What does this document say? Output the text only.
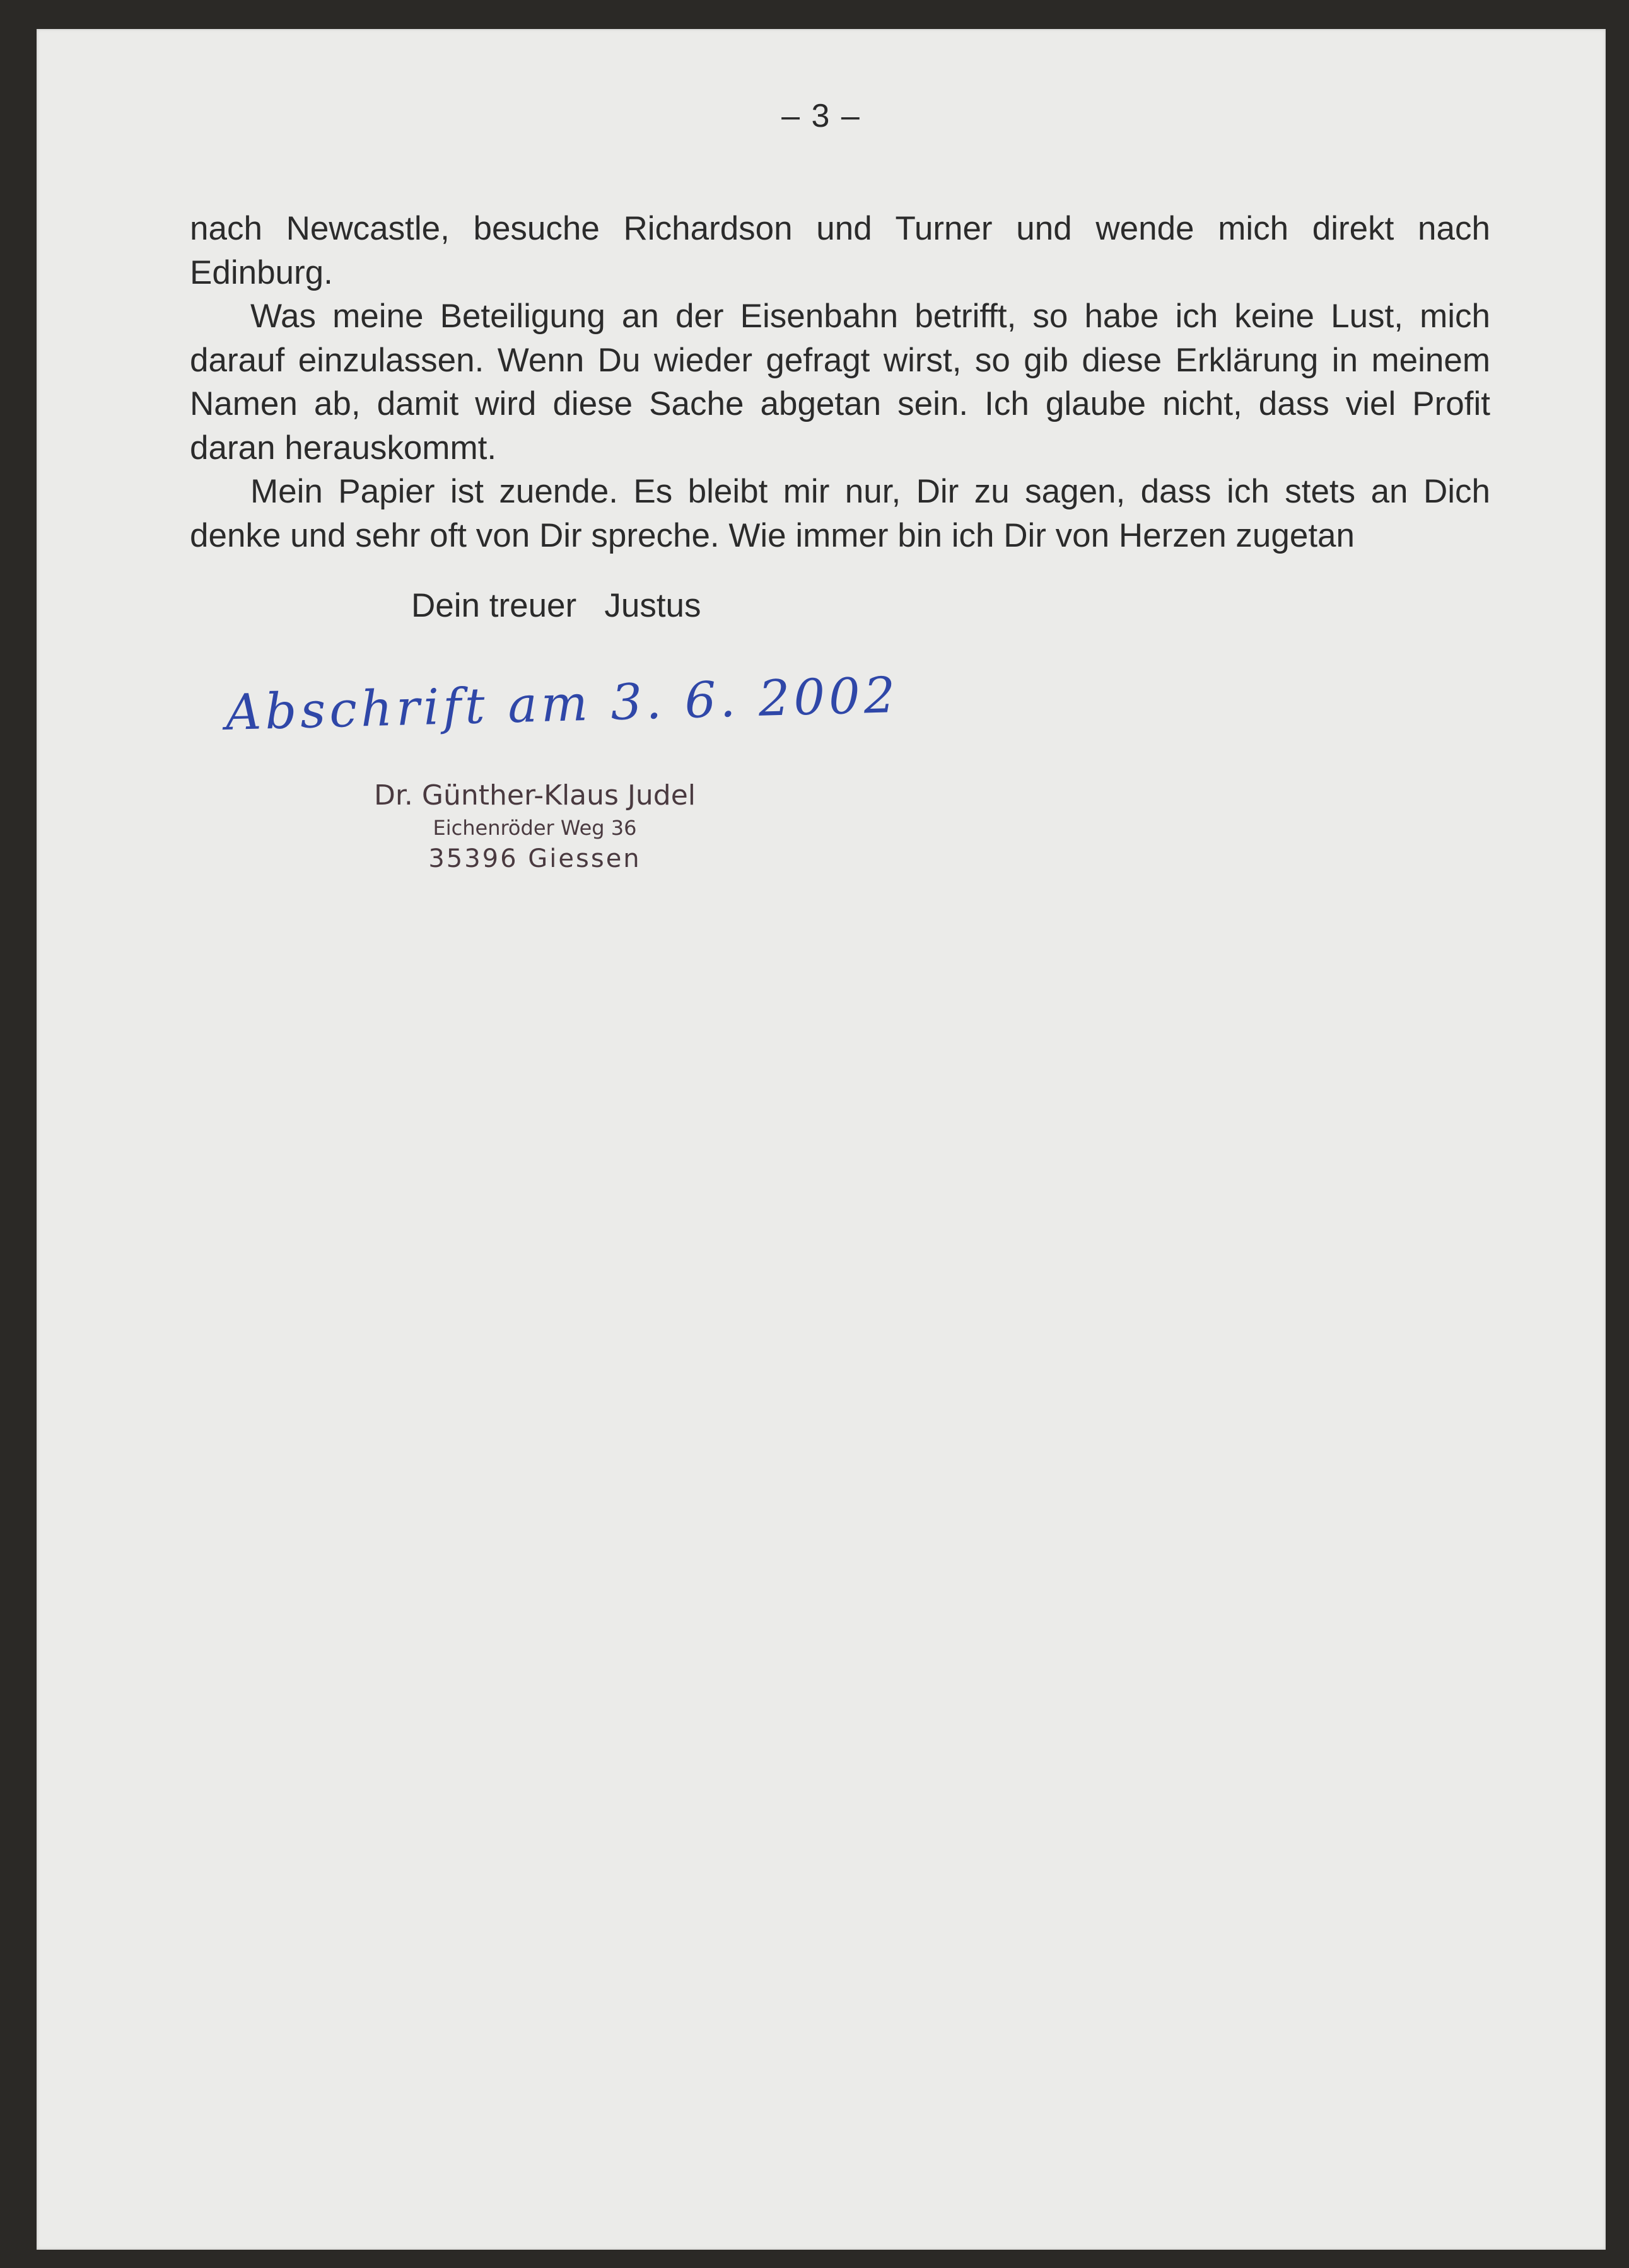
– 3 –

nach Newcastle, besuche Richardson und Turner und wende mich direkt nach Edinburg.

Was meine Beteiligung an der Eisenbahn betrifft, so habe ich keine Lust, mich darauf einzulassen. Wenn Du wieder gefragt wirst, so gib diese Erklärung in meinem Namen ab, damit wird diese Sache abgetan sein. Ich glaube nicht, dass viel Profit daran herauskommt.

Mein Papier ist zuende. Es bleibt mir nur, Dir zu sagen, dass ich stets an Dich denke und sehr oft von Dir spreche. Wie immer bin ich Dir von Herzen zugetan

Dein treuer   Justus
Abschrift am 3. 6. 2002
Dr. Günther-Klaus Judel
Eichenröder Weg 36
35396 Giessen
